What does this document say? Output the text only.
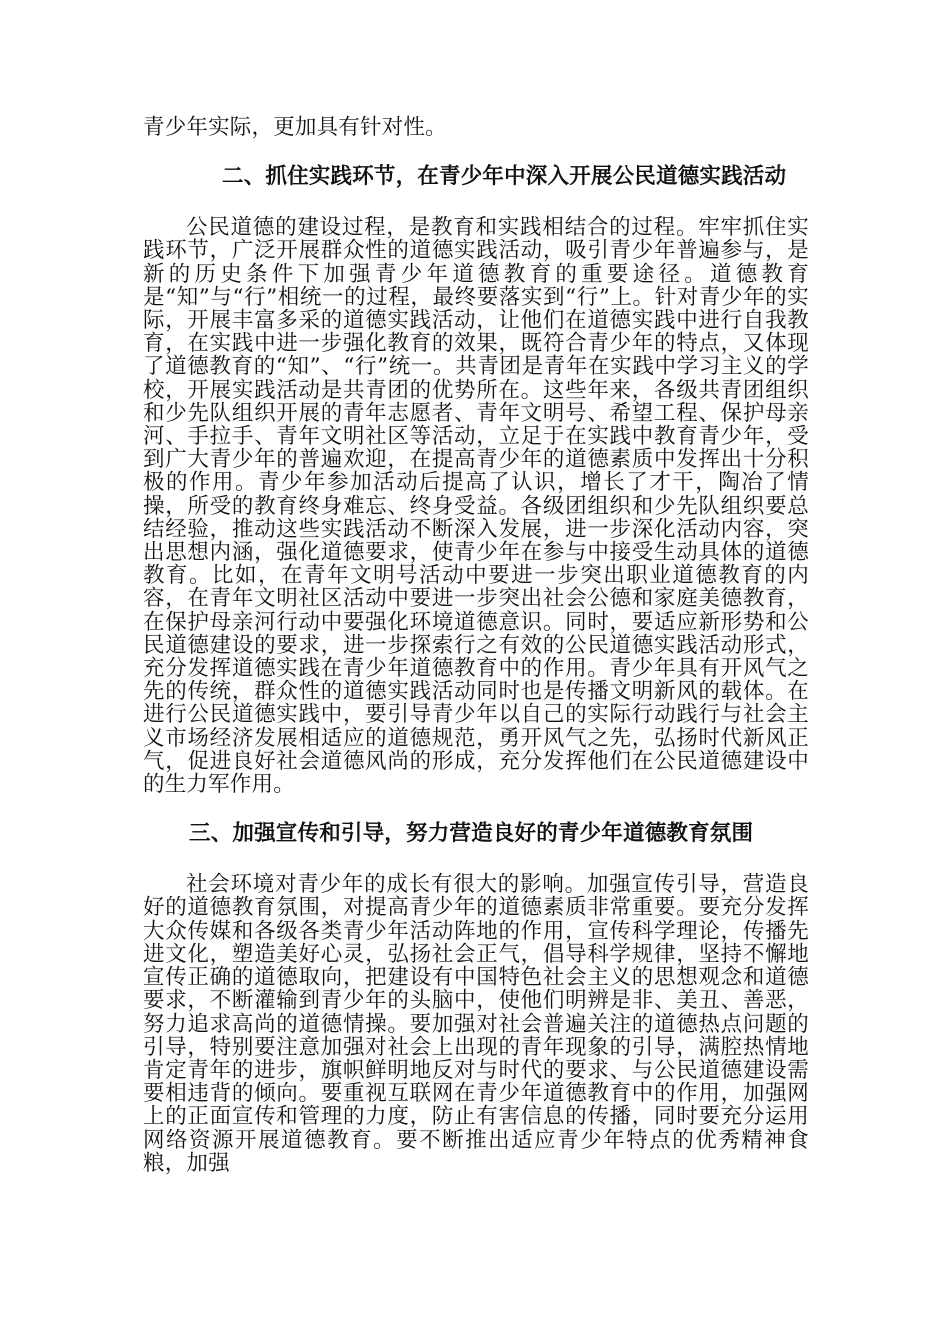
青少年实际，更加具有针对性。

二、抓住实践环节，在青少年中深入开展公民道德实践活动

公民道德的建设过程，是教育和实践相结合的过程。牢牢抓住实践环节，广泛开展群众性的道德实践活动，吸引青少年普遍参与，是新的历史条件下加强青少年道德教育的重要途径。道德教育是“知”与“行”相统一的过程，最终要落实到“行”上。针对青少年的实际，开展丰富多采的道德实践活动，让他们在道德实践中进行自我教育，在实践中进一步强化教育的效果，既符合青少年的特点，又体现了道德教育的“知”、“行”统一。共青团是青年在实践中学习主义的学校，开展实践活动是共青团的优势所在。这些年来，各级共青团组织和少先队组织开展的青年志愿者、青年文明号、希望工程、保护母亲河、手拉手、青年文明社区等活动，立足于在实践中教育青少年，受到广大青少年的普遍欢迎，在提高青少年的道德素质中发挥出十分积极的作用。青少年参加活动后提高了认识，增长了才干，陶冶了情操，所受的教育终身难忘、终身受益。各级团组织和少先队组织要总结经验，推动这些实践活动不断深入发展，进一步深化活动内容，突出思想内涵，强化道德要求，使青少年在参与中接受生动具体的道德教育。比如，在青年文明号活动中要进一步突出职业道德教育的内容，在青年文明社区活动中要进一步突出社会公德和家庭美德教育，在保护母亲河行动中要强化环境道德意识。同时，要适应新形势和公民道德建设的要求，进一步探索行之有效的公民道德实践活动形式，充分发挥道德实践在青少年道德教育中的作用。青少年具有开风气之先的传统，群众性的道德实践活动同时也是传播文明新风的载体。在进行公民道德实践中，要引导青少年以自己的实际行动践行与社会主义市场经济发展相适应的道德规范，勇开风气之先，弘扬时代新风正气，促进良好社会道德风尚的形成，充分发挥他们在公民道德建设中的生力军作用。

三、加强宣传和引导，努力营造良好的青少年道德教育氛围

社会环境对青少年的成长有很大的影响。加强宣传引导，营造良好的道德教育氛围，对提高青少年的道德素质非常重要。要充分发挥大众传媒和各级各类青少年活动阵地的作用，宣传科学理论，传播先进文化，塑造美好心灵，弘扬社会正气，倡导科学规律，坚持不懈地宣传正确的道德取向，把建设有中国特色社会主义的思想观念和道德要求，不断灌输到青少年的头脑中，使他们明辨是非、美丑、善恶，努力追求高尚的道德情操。要加强对社会普遍关注的道德热点问题的引导，特别要注意加强对社会上出现的青年现象的引导，满腔热情地肯定青年的进步，旗帜鲜明地反对与时代的要求、与公民道德建设需要相违背的倾向。要重视互联网在青少年道德教育中的作用，加强网上的正面宣传和管理的力度，防止有害信息的传播，同时要充分运用网络资源开展道德教育。要不断推出适应青少年特点的优秀精神食粮，加强
